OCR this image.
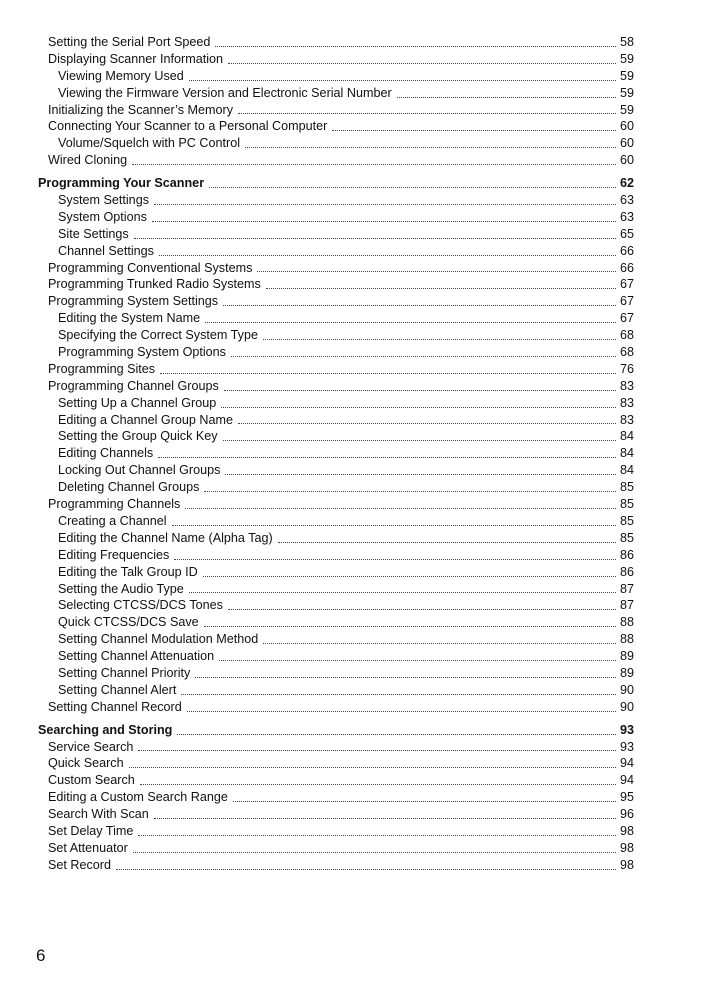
Setting the Serial Port Speed	58
Displaying Scanner Information	59
Viewing Memory Used	59
Viewing the Firmware Version and Electronic Serial Number	59
Initializing the Scanner’s Memory	59
Connecting Your Scanner to a Personal Computer	60
Volume/Squelch with PC Control	60
Wired Cloning	60
Programming Your Scanner	62
System Settings	63
System Options	63
Site Settings	65
Channel Settings	66
Programming Conventional Systems	66
Programming Trunked Radio Systems	67
Programming System Settings	67
Editing the System Name	67
Specifying the Correct System Type	68
Programming System Options	68
Programming Sites	76
Programming Channel Groups	83
Setting Up a Channel Group	83
Editing a Channel Group Name	83
Setting the Group Quick Key	84
Editing Channels	84
Locking Out Channel Groups	84
Deleting Channel Groups	85
Programming Channels	85
Creating a Channel	85
Editing the Channel Name (Alpha Tag)	85
Editing Frequencies	86
Editing the Talk Group ID	86
Setting the Audio Type	87
Selecting CTCSS/DCS Tones	87
Quick CTCSS/DCS Save	88
Setting Channel Modulation Method	88
Setting Channel Attenuation	89
Setting Channel Priority	89
Setting Channel Alert	90
Setting Channel Record	90
Searching and Storing	93
Service Search	93
Quick Search	94
Custom Search	94
Editing a Custom Search Range	95
Search With Scan	96
Set Delay Time	98
Set Attenuator	98
Set Record	98
6
